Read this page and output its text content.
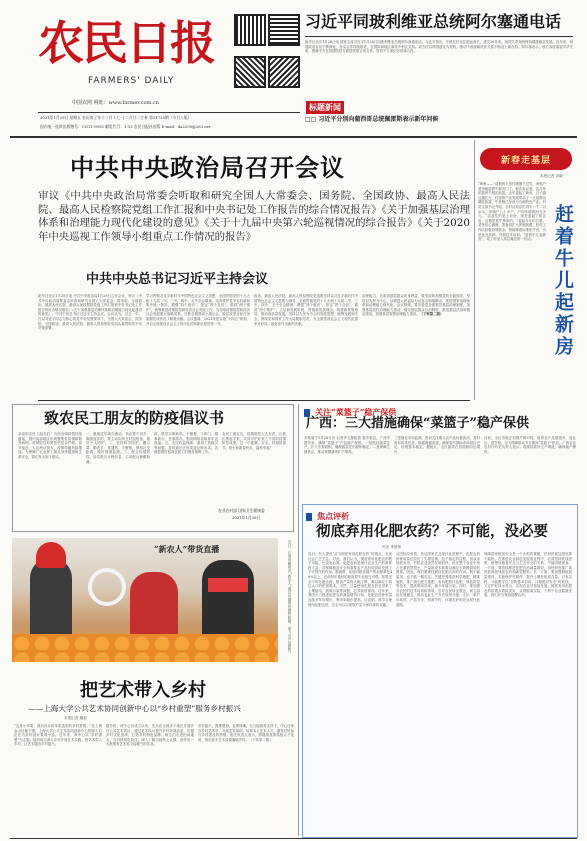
农民日报
FARMERS' DAILY
中国农网 网址：www.farmer.com.cn
习近平同玻利维亚总统阿尔塞通电话
新华社北京1月28日电 国家主席习近平1月28日同玻利维亚总统阿尔塞通电话。习近平指出，中玻友好交往源远流长。建交36年来，两国关系始终保持健康稳定发展。近年来，两国政治互信不断深化，务实合作持续推进，在国际和地区事务中相互支持。双方应以两国建交为契机，推动中玻战略伙伴关系不断迈上新台阶。阿尔塞表示，玻方高度重视对华关系，感谢中方在疫情防控方面提供的宝贵支持，愿同中方深化各领域合作。
标题新闻
□□ 习近平分别向葡西哥总统佩雷斯表示新年问候
2021年1月29日 星期五 农历庚子年十二月十七 十二月廿二立春 第11725期（今日八版）
国内统一连续出版物号：CN11-0055 邮发代号：1-33 农民日报社出版 E-mail：da2250@263.net
中共中央政治局召开会议
审议《中共中央政治局常委会听取和研究全国人大常委会、国务院、全国政协、最高人民法院、最高人民检察院党组工作汇报和中央书记处工作报告的综合情况报告》《关于加强基层治理体系和治理能力现代化建设的意见》《关于十九届中央第六轮巡视情况的综合报告》《关于2020年中央巡视工作领导小组重点工作情况的报告》
中共中央总书记习近平主持会议
新华社北京1月28日电 中共中央政治局1月28日召开会议，审议《中共中央政治局常委会听取和研究全国人大常委会、国务院、全国政协、最高人民法院、最高人民检察院党组工作汇报和中央书记处工作报告的综合情况报告》《关于加强基层治理体系和治理能力现代化建设的意见》。中共中央总书记习近平主持会议。会议认为，过去一年，在以习近平同志为核心的党中央坚强领导下，全国人大常委会、国务院、全国政协、最高人民法院、最高人民检察院党组认真贯彻党中央决策部署。
学习贯彻习近平新时代中国特色社会主义思想，全面贯彻党的十九大和十九届二中、三中、四中、五中全会精神，坚决维护党中央权威和集中统一领导，增强“四个意识”、坚定“四个自信”、做到“两个维护”，统筹推进疫情防控和经济社会发展工作，为夺取疫情防控和经济社会发展重大战略成果、决胜全面建成小康社会、脱贫攻坚目标任务如期完成作出了积极贡献。会议强调，2021年是实施“十四五”规划、开启全面建设社会主义现代化国家新征程的第一年。
政协、最高人民法院、最高人民检察院党组要坚持以习近平新时代中国特色社会主义思想为指导，全面贯彻党的十九大和十九届二中、三中、四中、五中全会精神，增强“四个意识”、坚定“四个自信”、做到“两个维护”，立足新发展阶段、贯彻新发展理念、构建新发展格局，推动高质量发展，坚持以人民为中心的发展思想，统筹发展和安全，围绕党和国家工作大局履职尽责，为全面建设社会主义现代化国家开好局、起好步作出新的贡献。
治理能力，关系到基层群众切身利益，要坚持和加强党的全面领导，坚持以人民为中心，以增进人民福祉为出发点和落脚点，推进国家治理体系和治理能力现代化。会议强调，要完善党全面领导基层治理制度，加强基层政权治理能力建设，健全基层群众自治制度，推进基层法治和德治建设，加强基层智慧治理能力建设。（下转第二版）
新春走基层
本报记者 刘晓
“哞哞——”清晨的大青村刚刚下过雪，养殖户老李就赶着牛群出门了。他告诉记者，这几年依靠养牛脱贫致富，去年盖起了新房，日子越过越红火。村里的产业发展带动了一大批群众增收致富，牛养殖已经成为当地特色产业。村党支部书记介绍，全村目前存栏肉牛一千二百余头，养殖户八十多户，户均年增收两万多元。“以前住的是土坯房，现在盖起了砖瓦房，这都是靠牛挣来的。”说起今年的打算，老李信心满满，准备再扩大养殖规模。驻村工作队积极协调资金，帮助修建标准化牛舍，引进优良品种，开展技术培训。“赶着牛儿起新房”，成了村里人常挂嘴边的一句话。 赶着牛儿起新房
致农民工朋友的防疫倡议书
亲爱的农民工朋友们：当前全球疫情持续蔓延，国内局部地区出现聚集性疫情和散发病例，疫情防控形势依然复杂严峻。春节临近，人员流动加大，疫情传播风险增加。为保障广大农民工朋友身体健康和生命安全，我们发出如下倡议。
一、就地过年减少流动。非必要不返乡，确需返乡的，要主动向所在村组报备，做好个人防护。二、坚持科学防护。戴口罩、勤洗手、常通风、少聚集，保持社交距离，做好健康监测。三、配合疫情防控。如实报告行程信息，主动配合核酸检测。
四、倡导文明新风。不聚餐、不串门，婚事新办、丧事简办，利用网络视频拜年送祝福。五、关注权益保障。遇到工资拖欠等问题，及时通过正规渠道反映诉求。各地将做好留岗农民工的服务保障工作。
农民工朋友们，疫情防控人人有责，让我们携起手来，共同守护好来之不易的疫情防控成果，过一个健康、安全、祥和的春节。祝大家新春快乐，阖家幸福！
农业农村部 国家卫生健康委
2021年1月28日
“新农人”带货直播	近日，江西省赣州市“新农人”通过直播带货销售脐橙，助力农产品销售。
把艺术带入乡村
——上海大学公共艺术协同创新中心以“乡村重塑”服务乡村振兴
本报记者 操祖
“这是小苹果，我们设计的苹果造型的乡村景观。”在上海金山区廊下镇，上海大学公共艺术协同创新中心的师生们正在为乡村设计景观小品。近年来，该中心以“乡村重塑”为主题，组织师生深入乡村开展艺术实践，把艺术带入乡村，让艺术服务乡村振兴。
据介绍，该中心自成立以来，先后在全国多个地区开展乡村公共艺术项目，通过艺术设计提升乡村环境品质，挖掘乡村文化资源，打造乡村特色品牌。师生们走进田间地头，与村民同吃同住，深入了解当地风土人情，创作出一大批既有艺术性又接地气的作品。
乡村振兴，既要塑形，也要铸魂。在当地政府支持下，中心还举办乡村艺术节、开展艺术培训，培养本土艺术人才，激发村民参与乡村建设的热情。相关负责人表示，将继续发挥高校人才优势，推动更多艺术成果落地乡村。（下转第二版）
关注“菜篮子”稳产保供
广西：三大措施确保“菜篮子”稳产保供
本报南宁1月28日讯 记者李文静报道 春节临近，广西多措并举，确保“菜篮子”产品稳产保供。一是抓好蔬菜生产，扩大冬种面积，确保蔬菜在田面积稳定；二是保障生猪供应，推动规模猪场扩产增养。
三是强化市场监测，密切关注重点农产品价格波动，及时发布供求信息，畅通流通渠道，确保春节期间市场供应充足、价格基本稳定。据统计，全区蔬菜在田面积同比增长。
目前，全区各地正加强产销对接，组织农产品进超市、进社区、进学校，全力保障群众节日期间“菜篮子”供应。广西农业农村厅有关负责人表示，将继续抓好生产调度，确保稳产保供。
焦点评析
彻底弃用化肥农药？不可能，没必要
冯亚 李爱林
近日，有人提出“应当彻底弃用化肥农药”的观点，引发社会广泛关注。对此，我们认为，彻底弃用化肥农药既不可能，也没有必要。化肥农药是现代农业生产的重要投入品，对保障粮食安全和重要农产品有效供给发挥了不可替代的作用。据测算，化肥对粮食增产的贡献率在40%以上，农药每年挽回的粮食损失也相当可观。如果完全不用化肥农药，粮食产量将大幅下降，难以满足十四亿人口的吃饭需求。当然，过量使用化肥农药也带来了土壤板结、面源污染等问题，必须高度重视。近年来，我国大力推进化肥农药减量增效行动，化肥农药使用量连续多年负增长，利用率稳步提高。这说明，科学合理使用化肥农药，完全可以实现保产量与保环境的双赢。
从国际经验看，发达国家农业现代化进程中，化肥农药的使用量也经历了先增后减、趋于稳定的过程，但从未彻底弃用。有机农业虽然发展较快，但在整个农业中所占比重仍然很小，产量和成本都难以满足大规模供给的需要。因此，我们要理性看待化肥农药的作用，既不能滥用，也不能一概否定。关键是要推进科学施肥、精准施药，推广测土配方施肥、有机肥替代化肥、绿色防控等技术，提高利用效率，减少环境污染。同时，要加强对农民的技术培训和指导，引导农民转变观念，树立绿色发展理念，推动农业生产方式转型升级，走出一条产出高效、产品安全、资源节约、环境友好的农业现代化道路。
保障国家粮食安全是一个永恒的课题，任何时候这根弦都不能松。在推进农业绿色发展的过程中，必须坚持底线思维，统筹好粮食安全与生态安全的关系，不能因噎废食。一方面，要持续推进化肥农药减量增效，加快研发推广高效低毒低残留农药和新型肥料；另一方面，要加强耕地质量建设，实施保护性耕作，提升土壤有机质含量。只有这样，才能既守住“谷物基本自给、口粮绝对安全”的底线，又守护好绿水青山，实现农业可持续发展。彻底弃用化肥农药的观点看似美好，实则脱离实际，不利于农业健康发展，我们应当保持清醒认识。
